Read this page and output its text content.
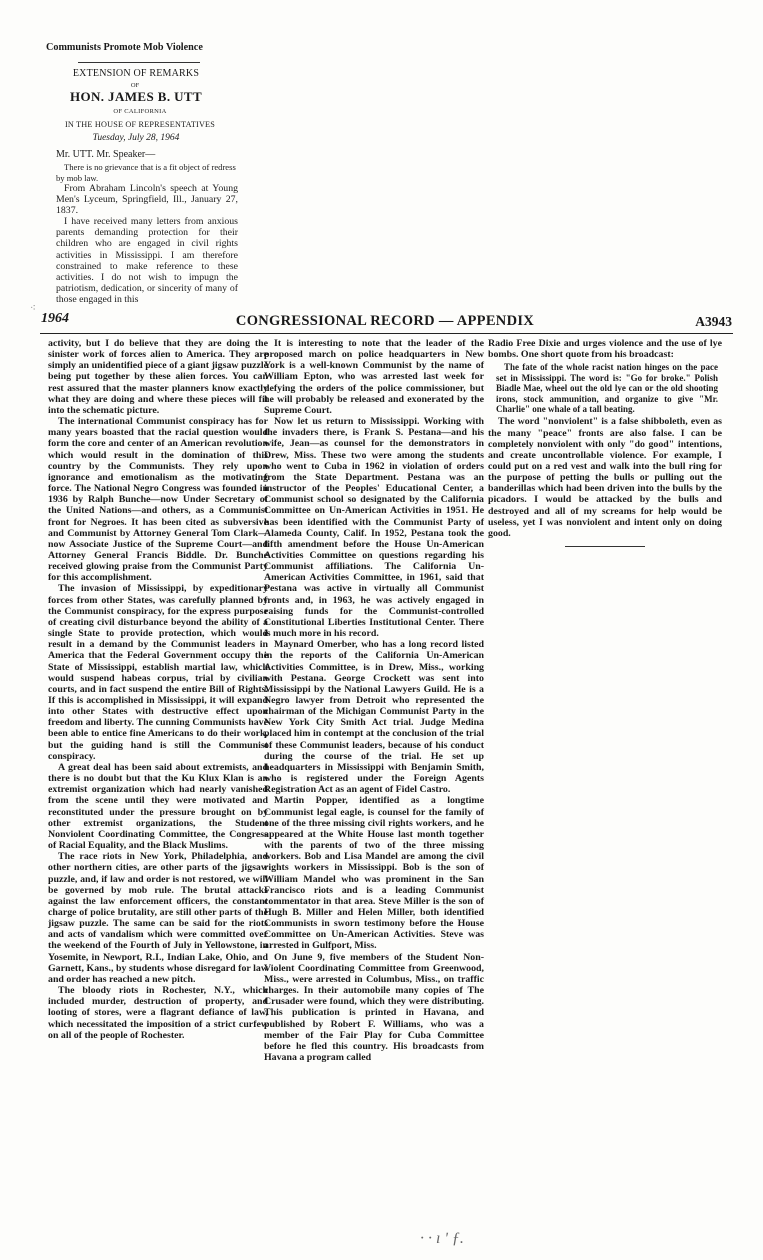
Communists Promote Mob Violence
EXTENSION OF REMARKS
OF
HON. JAMES B. UTT
OF CALIFORNIA
IN THE HOUSE OF REPRESENTATIVES
Tuesday, July 28, 1964
Mr. UTT. Mr. Speaker—
There is no grievance that is a fit object of redress by mob law.

From Abraham Lincoln's speech at Young Men's Lyceum, Springfield, Ill., January 27, 1837.

I have received many letters from anxious parents demanding protection for their children who are engaged in civil rights activities in Mississippi. I am therefore constrained to make reference to these activities. I do not wish to impugn the patriotism, dedication, or sincerity of many of those engaged in this

⁖
1964	CONGRESSIONAL RECORD — APPENDIX	A3943

activity, but I do believe that they are doing the sinister work of forces alien to America. They are simply an unidentified piece of a giant jigsaw puzzle being put together by these alien forces. You can rest assured that the master planners know exactly what they are doing and where these pieces will fit into the schematic picture.

The international Communist conspiracy has for many years boasted that the racial question would form the core and center of an American revolution which would result in the domination of this country by the Communists. They rely upon ignorance and emotionalism as the motivating force. The National Negro Congress was founded in 1936 by Ralph Bunche—now Under Secretary of the United Nations—and others, as a Communist front for Negroes. It has been cited as subversive and Communist by Attorney General Tom Clark—now Associate Justice of the Supreme Court—and Attorney General Francis Biddle. Dr. Bunche received glowing praise from the Communist Party for this accomplishment.

The invasion of Mississippi, by expeditionary forces from other States, was carefully planned by the Communist conspiracy, for the express purpose of creating civil disturbance beyond the ability of a single State to provide protection, which would result in a demand by the Communist leaders in America that the Federal Government occupy the State of Mississippi, establish martial law, which would suspend habeas corpus, trial by civilian courts, and in fact suspend the entire Bill of Rights. If this is accomplished in Mississippi, it will expand into other States with destructive effect upon freedom and liberty. The cunning Communists have been able to entice fine Americans to do their work, but the guiding hand is still the Communist conspiracy.

A great deal has been said about extremists, and there is no doubt but that the Ku Klux Klan is an extremist organization which had nearly vanished from the scene until they were motivated and reconstituted under the pressure brought on by other extremist organizations, the Student Nonviolent Coordinating Committee, the Congress of Racial Equality, and the Black Muslims.

The race riots in New York, Philadelphia, and other northern cities, are other parts of the jigsaw puzzle, and, if law and order is not restored, we will be governed by mob rule. The brutal attacks against the law enforcement officers, the constant charge of police brutality, are still other parts of the jigsaw puzzle. The same can be said for the riots and acts of vandalism which were committed over the weekend of the Fourth of July in Yellowstone, in Yosemite, in Newport, R.I., Indian Lake, Ohio, and Garnett, Kans., by students whose disregard for law and order has reached a new pitch.

The bloody riots in Rochester, N.Y., which included murder, destruction of property, and looting of stores, were a flagrant defiance of law, which necessitated the imposition of a strict curfew on all of the people of Rochester.

It is interesting to note that the leader of the proposed march on police headquarters in New York is a well-known Communist by the name of William Epton, who was arrested last week for defying the orders of the police commissioner, but he will probably be released and exonerated by the Supreme Court.

Now let us return to Mississippi. Working with the invaders there, is Frank S. Pestana—and his wife, Jean—as counsel for the demonstrators in Drew, Miss. These two were among the students who went to Cuba in 1962 in violation of orders from the State Department. Pestana was an instructor of the Peoples' Educational Center, a Communist school so designated by the California Committee on Un-American Activities in 1951. He has been identified with the Communist Party of Alameda County, Calif. In 1952, Pestana took the fifth amendment before the House Un-American Activities Committee on questions regarding his Communist affiliations. The California Un-American Activities Committee, in 1961, said that Pestana was active in virtually all Communist fronts and, in 1963, he was actively engaged in raising funds for the Communist-controlled Constitutional Liberties Institutional Center. There is much more in his record.

Maynard Omerber, who has a long record listed in the reports of the California Un-American Activities Committee, is in Drew, Miss., working with Pestana. George Crockett was sent into Mississippi by the National Lawyers Guild. He is a Negro lawyer from Detroit who represented the chairman of the Michigan Communist Party in the New York City Smith Act trial. Judge Medina placed him in contempt at the conclusion of the trial of these Communist leaders, because of his conduct during the course of the trial. He set up headquarters in Mississippi with Benjamin Smith, who is registered under the Foreign Agents Registration Act as an agent of Fidel Castro.

Martin Popper, identified as a longtime Communist legal eagle, is counsel for the family of one of the three missing civil rights workers, and he appeared at the White House last month together with the parents of two of the three missing workers. Bob and Lisa Mandel are among the civil rights workers in Mississippi. Bob is the son of William Mandel who was prominent in the San Francisco riots and is a leading Communist commentator in that area. Steve Miller is the son of Hugh B. Miller and Helen Miller, both identified Communists in sworn testimony before the House Committee on Un-American Activities. Steve was arrested in Gulfport, Miss.

On June 9, five members of the Student Non-Violent Coordinating Committee from Greenwood, Miss., were arrested in Columbus, Miss., on traffic charges. In their automobile many copies of The Crusader were found, which they were distributing. This publication is printed in Havana, and published by Robert F. Williams, who was a member of the Fair Play for Cuba Committee before he fled this country. His broadcasts from Havana a program called

Radio Free Dixie and urges violence and the use of lye bombs. One short quote from his broadcast:

The fate of the whole racist nation hinges on the pace set in Mississippi. The word is: "Go for broke." Polish Biadle Mae, wheel out the old lye can or the old shooting irons, stock ammunition, and organize to give "Mr. Charlie" one whale of a tall beating.

The word "nonviolent" is a false shibboleth, even as the many "peace" fronts are also false. I can be completely nonviolent with only "do good" intentions, and create uncontrollable violence. For example, I could put on a red vest and walk into the bull ring for the purpose of petting the bulls or pulling out the banderillas which had been driven into the bulls by the picadors. I would be attacked by the bulls and destroyed and all of my screams for help would be useless, yet I was nonviolent and intent only on doing good.

· · ı ʹ ƒ.
